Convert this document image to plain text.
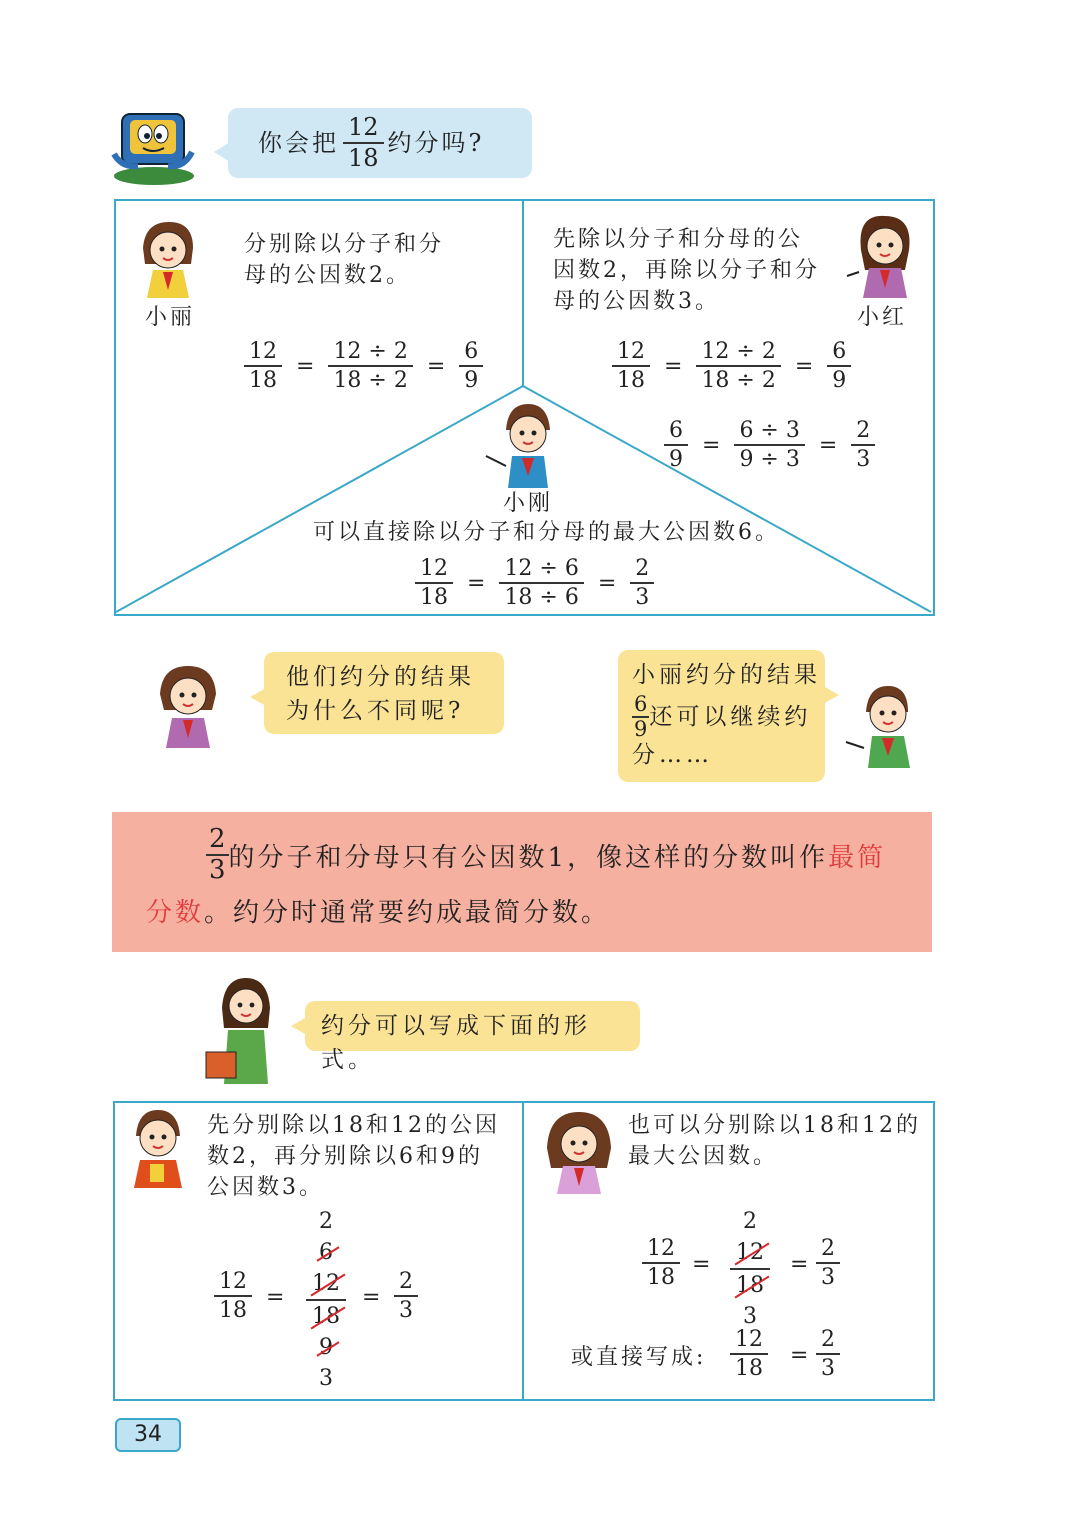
你会把 $\frac{12}{18}$ 约分吗?
小丽
分别除以分子和分
母的公因数2。
$\frac{12}{18} = \frac{12 \div 2}{18 \div 2} = \frac{6}{9}$
先除以分子和分母的公
因数2，再除以分子和分
母的公因数3。
小红
$\frac{12}{18} = \frac{12 \div 2}{18 \div 2} = \frac{6}{9}$
$\frac{6}{9} = \frac{6 \div 3}{9 \div 3} = \frac{2}{3}$
小刚
可以直接除以分子和分母的最大公因数6。
$\frac{12}{18} = \frac{12 \div 6}{18 \div 6} = \frac{2}{3}$
他们约分的结果
为什么不同呢?
小丽约分的结果
$\frac{6}{9}$ 还可以继续约
分……
$\frac{2}{3}$ 的分子和分母只有公因数1，像这样的分数叫作 最简
分数。约分时通常要约成最简分数。
约分可以写成下面的形式。
先分别除以18和12的公因
数2，再分别除以6和9的
公因数3。
$\frac{12}{18}$ =
2
6
12
18
9
3
= $\frac{2}{3}$
也可以分别除以18和12的
最大公因数。
$\frac{12}{18}$ =
2
12
18
3
= $\frac{2}{3}$
或直接写成: $\frac{12}{18} = \frac{2}{3}$
34
